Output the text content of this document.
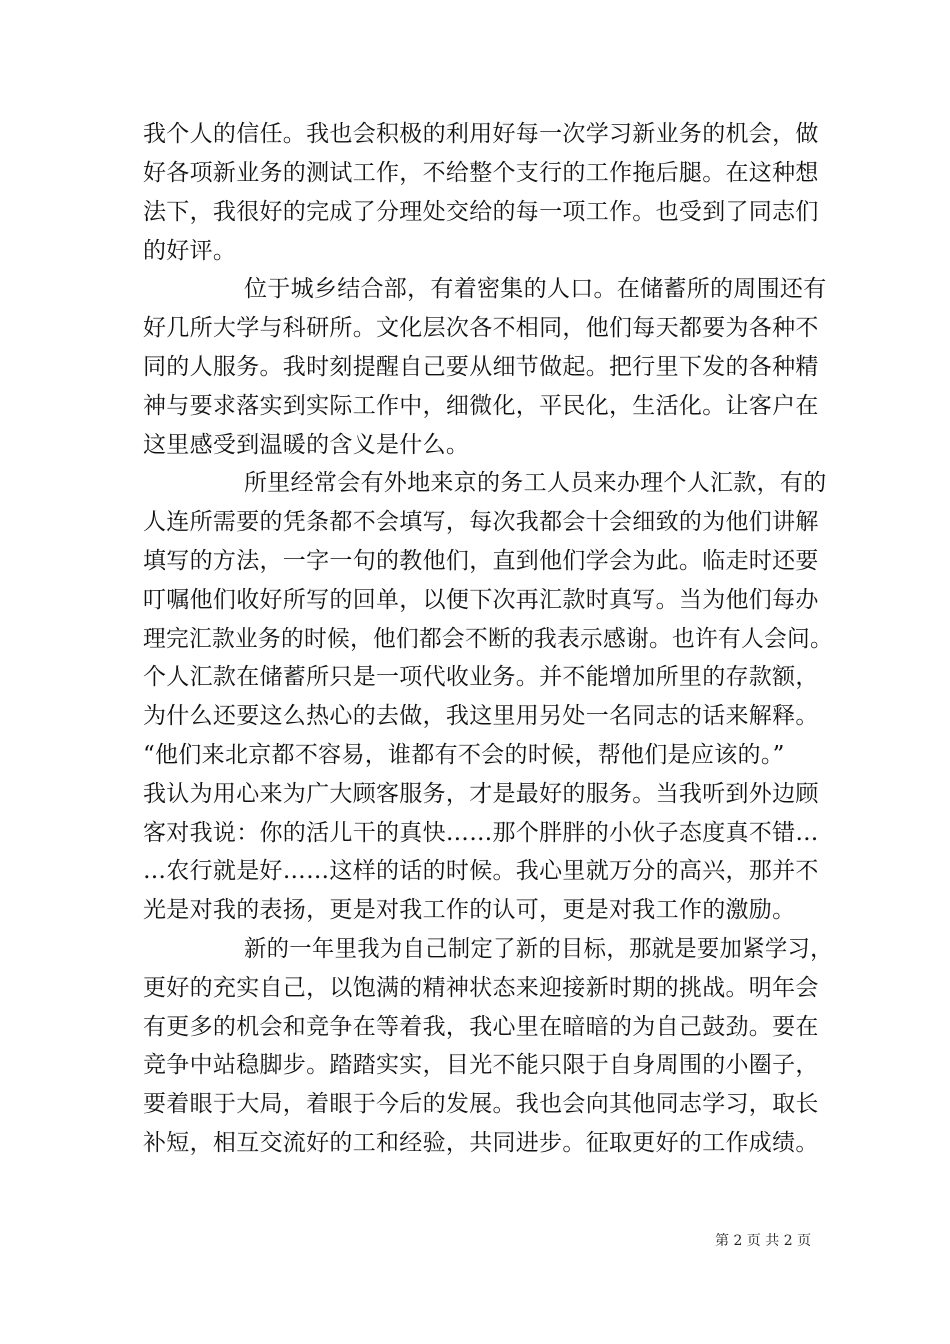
我个人的信任。我也会积极的利用好每一次学习新业务的机会，做
好各项新业务的测试工作，不给整个支行的工作拖后腿。在这种想
法下，我很好的完成了分理处交给的每一项工作。也受到了同志们
的好评。
位于城乡结合部，有着密集的人口。在储蓄所的周围还有
好几所大学与科研所。文化层次各不相同，他们每天都要为各种不
同的人服务。我时刻提醒自己要从细节做起。把行里下发的各种精
神与要求落实到实际工作中，细微化，平民化，生活化。让客户在
这里感受到温暖的含义是什么。
所里经常会有外地来京的务工人员来办理个人汇款，有的
人连所需要的凭条都不会填写，每次我都会十会细致的为他们讲解
填写的方法，一字一句的教他们，直到他们学会为此。临走时还要
叮嘱他们收好所写的回单，以便下次再汇款时真写。当为他们每办
理完汇款业务的时候，他们都会不断的我表示感谢。也许有人会问。
个人汇款在储蓄所只是一项代收业务。并不能增加所里的存款额，
为什么还要这么热心的去做，我这里用另处一名同志的话来解释。
“他们来北京都不容易，谁都有不会的时候，帮他们是应该的。”
我认为用心来为广大顾客服务，才是最好的服务。当我听到外边顾
客对我说：你的活儿干的真快……那个胖胖的小伙子态度真不错…
…农行就是好……这样的话的时候。我心里就万分的高兴，那并不
光是对我的表扬，更是对我工作的认可，更是对我工作的激励。
新的一年里我为自己制定了新的目标，那就是要加紧学习，
更好的充实自己，以饱满的精神状态来迎接新时期的挑战。明年会
有更多的机会和竞争在等着我，我心里在暗暗的为自己鼓劲。要在
竞争中站稳脚步。踏踏实实，目光不能只限于自身周围的小圈子，
要着眼于大局，着眼于今后的发展。我也会向其他同志学习，取长
补短，相互交流好的工和经验，共同进步。征取更好的工作成绩。
第 2 页 共 2 页
